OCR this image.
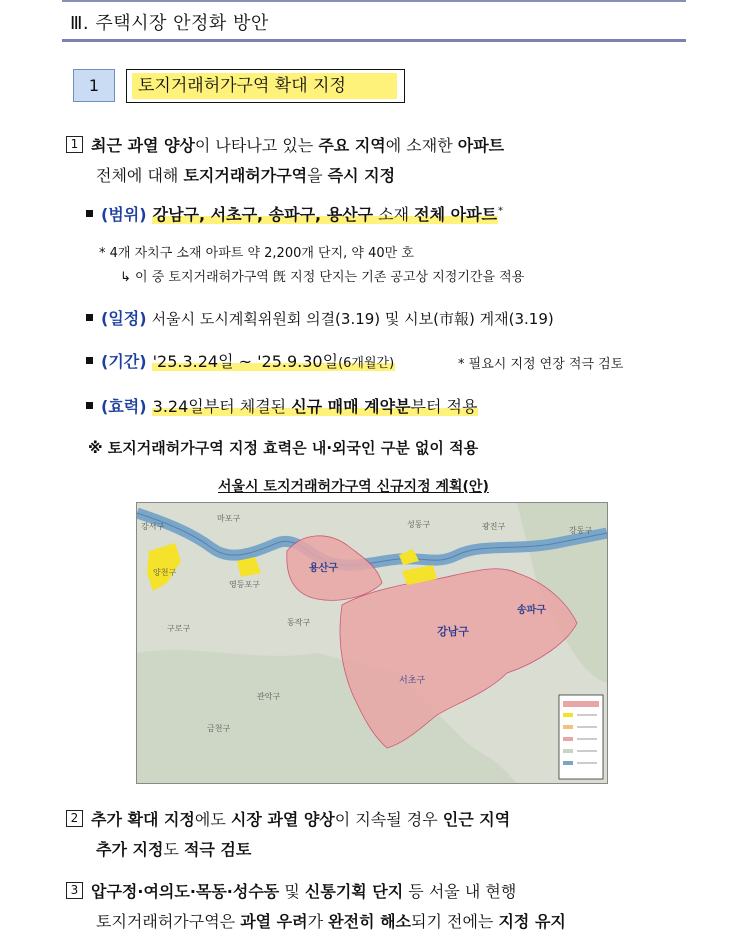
Ⅲ. 주택시장 안정화 방안
1	토지거래허가구역 확대 지정
1 최근 과열 양상이 나타나고 있는 주요 지역에 소재한 아파트
전체에 대해 토지거래허가구역을 즉시 지정
(범위) 강남구, 서초구, 송파구, 용산구 소재 전체 아파트*
* 4개 자치구 소재 아파트 약 2,200개 단지, 약 40만 호
↳ 이 중 토지거래허가구역 旣 지정 단지는 기존 공고상 지정기간을 적용
(일정) 서울시 도시계획위원회 의결(3.19) 및 시보(市報) 게재(3.19)
(기간) '25.3.24일 ~ '25.9.30일(6개월간)	* 필요시 지정 연장 적극 검토
(효력) 3.24일부터 체결된 신규 매매 계약분부터 적용
※ 토지거래허가구역 지정 효력은 내·외국인 구분 없이 적용
서울시 토지거래허가구역 신규지정 계획(안)
용산구
강남구
송파구
서초구
마포구
영등포구
양천구
동작구
관악구
강서구
구로구
광진구
성동구
강동구
금천구
2 추가 확대 지정에도 시장 과열 양상이 지속될 경우 인근 지역
추가 지정도 적극 검토
3 압구정·여의도·목동·성수동 및 신통기획 단지 등 서울 내 현행
토지거래허가구역은 과열 우려가 완전히 해소되기 전에는 지정 유지
